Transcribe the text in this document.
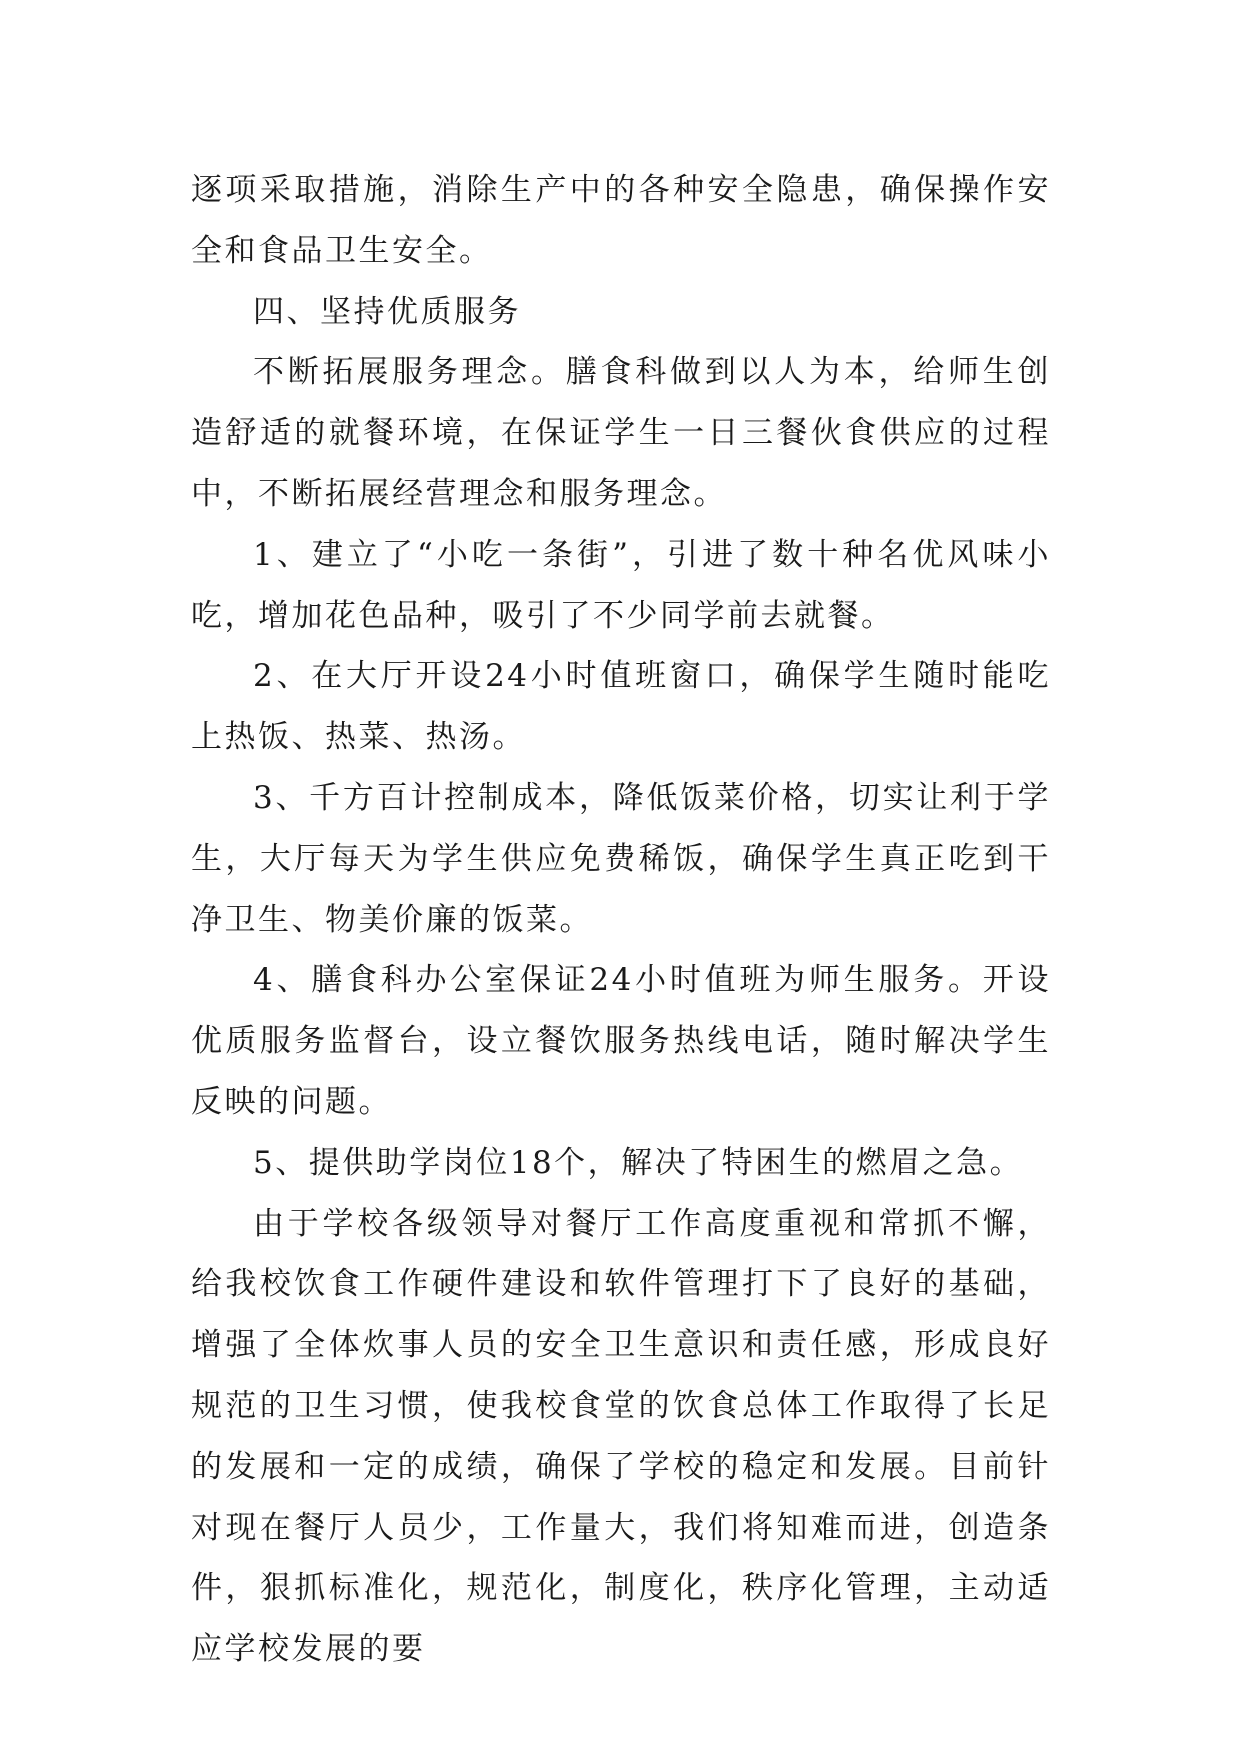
逐项采取措施，消除生产中的各种安全隐患，确保操作安全和食品卫生安全。

四、坚持优质服务

不断拓展服务理念。膳食科做到以人为本，给师生创造舒适的就餐环境，在保证学生一日三餐伙食供应的过程中，不断拓展经营理念和服务理念。

1、建立了“小吃一条街”，引进了数十种名优风味小吃，增加花色品种，吸引了不少同学前去就餐。

2、在大厅开设24小时值班窗口，确保学生随时能吃上热饭、热菜、热汤。

3、千方百计控制成本，降低饭菜价格，切实让利于学生，大厅每天为学生供应免费稀饭，确保学生真正吃到干净卫生、物美价廉的饭菜。

4、膳食科办公室保证24小时值班为师生服务。开设优质服务监督台，设立餐饮服务热线电话，随时解决学生反映的问题。

5、提供助学岗位18个，解决了特困生的燃眉之急。

由于学校各级领导对餐厅工作高度重视和常抓不懈，给我校饮食工作硬件建设和软件管理打下了良好的基础，增强了全体炊事人员的安全卫生意识和责任感，形成良好规范的卫生习惯，使我校食堂的饮食总体工作取得了长足的发展和一定的成绩，确保了学校的稳定和发展。目前针对现在餐厅人员少，工作量大，我们将知难而进，创造条件，狠抓标准化，规范化，制度化，秩序化管理，主动适应学校发展的要
